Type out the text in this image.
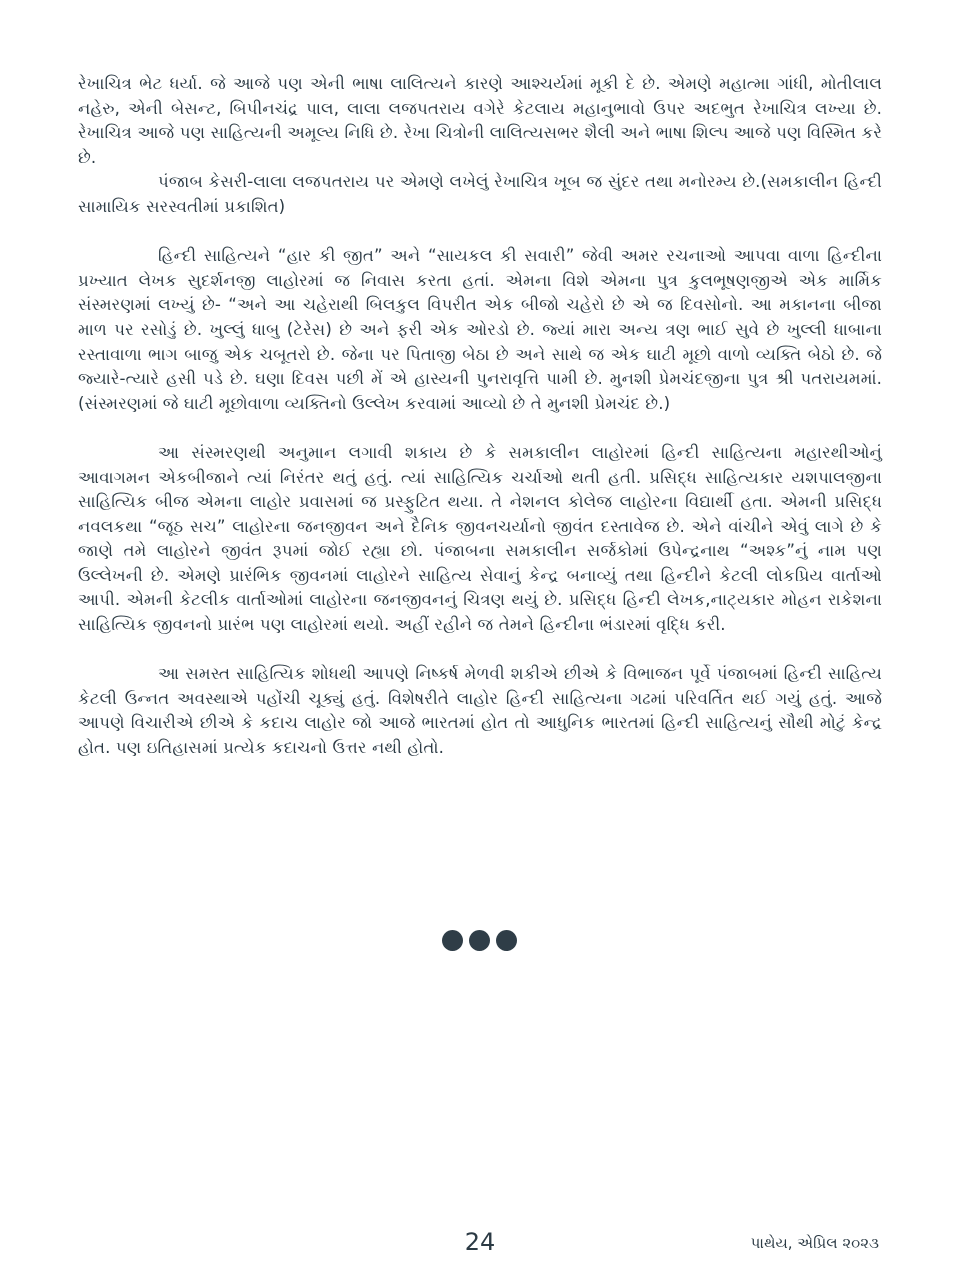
રેખાચિત્ર ભેટ ધર્યા. જે આજે પણ એની ભાષા લાલિત્યને કારણે આશ્ચર્યમાં મૂકી દે છે. એમણે મહાત્મા ગાંધી, મોતીલાલ નહેરુ, એની બેસન્ટ, બિપીનચંદ્ર પાલ, લાલા લજપતરાય વગેરે કેટલાય મહાનુભાવો ઉપર અદભુત રેખાચિત્ર લખ્યા છે. રેખાચિત્ર આજે પણ સાહિત્યની અમૂલ્ય નિધિ છે. રેખા ચિત્રોની લાલિત્યસભર શૈલી અને ભાષા શિલ્પ આજે પણ વિસ્મિત કરે છે.

પંજાબ કેસરી-લાલા લજપતરાય પર એમણે લખેલું રેખાચિત્ર ખૂબ જ સુંદર તથા મનોરમ્ય છે.(સમકાલીન હિન્દી સામાયિક સરસ્વતીમાં પ્રકાશિત)

હિન્દી સાહિત્યને “હાર કી જીત” અને “સાયકલ કી સવારી” જેવી અમર રચનાઓ આપવા વાળા હિન્દીના પ્રખ્યાત લેખક સુદર્શનજી લાહોરમાં જ નિવાસ કરતા હતાં. એમના વિશે એમના પુત્ર કુલભૂષણજીએ એક માર્મિક સંસ્મરણમાં લખ્યું છે- “અને આ ચહેરાથી બિલકુલ વિપરીત એક બીજો ચહેરો છે એ જ દિવસોનો. આ મકાનના બીજા માળ પર રસોડું છે. ખુલ્લું ધાબુ (ટેરેસ) છે અને ફરી એક ઓરડો છે. જ્યાં મારા અન્ય ત્રણ ભાઈ સુવે છે ખુલ્લી ધાબાના રસ્તાવાળા ભાગ બાજુ એક ચબૂતરો છે. જેના પર પિતાજી બેઠા છે અને સાથે જ એક ઘાટી મૂછો વાળો વ્યક્તિ બેઠો છે. જે જ્યારે-ત્યારે હસી પડે છે. ઘણા દિવસ પછી મેં એ હાસ્યની પુનરાવૃત્તિ પામી છે. મુનશી પ્રેમચંદજીના પુત્ર શ્રી પતરાયમમાં. (સંસ્મરણમાં જે ઘાટી મૂછોવાળા વ્યક્તિનો ઉલ્લેખ કરવામાં આવ્યો છે તે મુનશી પ્રેમચંદ છે.)

આ સંસ્મરણથી અનુમાન લગાવી શકાય છે કે સમકાલીન લાહોરમાં હિન્દી સાહિત્યના મહારથીઓનું આવાગમન એકબીજાને ત્યાં નિરંતર થતું હતું. ત્યાં સાહિત્યિક ચર્ચાઓ થતી હતી. પ્રસિદ્ધ સાહિત્યકાર યશપાલજીના સાહિત્યિક બીજ એમના લાહોર પ્રવાસમાં જ પ્રસ્ફુટિત થયા. તે નેશનલ કોલેજ લાહોરના વિદ્યાર્થી હતા. એમની પ્રસિદ્ધ નવલકથા “જૂઠ સચ” લાહોરના જનજીવન અને દૈનિક જીવનચર્યાનો જીવંત દસ્તાવેજ છે. એને વાંચીને એવું લાગે છે કે જાણે તમે લાહોરને જીવંત રૂપમાં જોઈ રહ્યા છો. પંજાબના સમકાલીન સર્જકોમાં ઉપેન્દ્રનાથ “અશ્ક”નું નામ પણ ઉલ્લેખની છે. એમણે પ્રારંભિક જીવનમાં લાહોરને સાહિત્ય સેવાનું કેન્દ્ર બનાવ્યું તથા હિન્દીને કેટલી લોકપ્રિય વાર્તાઓ આપી. એમની કેટલીક વાર્તાઓમાં લાહોરના જનજીવનનું ચિત્રણ થયું છે. પ્રસિદ્ધ હિન્દી લેખક,નાટ્યકાર મોહન રાકેશના સાહિત્યિક જીવનનો પ્રારંભ પણ લાહોરમાં થયો. અહીં રહીને જ તેમને હિન્દીના ભંડારમાં વૃદ્ધિ કરી.

આ સમસ્ત સાહિત્યિક શોધથી આપણે નિષ્કર્ષ મેળવી શકીએ છીએ કે વિભાજન પૂર્વે પંજાબમાં હિન્દી સાહિત્ય કેટલી ઉન્નત અવસ્થાએ પહોંચી ચૂક્યું હતું. વિશેષરીતે લાહોર હિન્દી સાહિત્યના ગઢમાં પરિવર્તિત થઈ ગયું હતું. આજે આપણે વિચારીએ છીએ કે કદાચ લાહોર જો આજે ભારતમાં હોત તો આધુનિક ભારતમાં હિન્દી સાહિત્યનું સૌથી મોટું કેન્દ્ર હોત. પણ ઇતિહાસમાં પ્રત્યેક કદાચનો ઉત્તર નથી હોતો.

24	પાથેય, એપ્રિલ ૨૦૨૩
